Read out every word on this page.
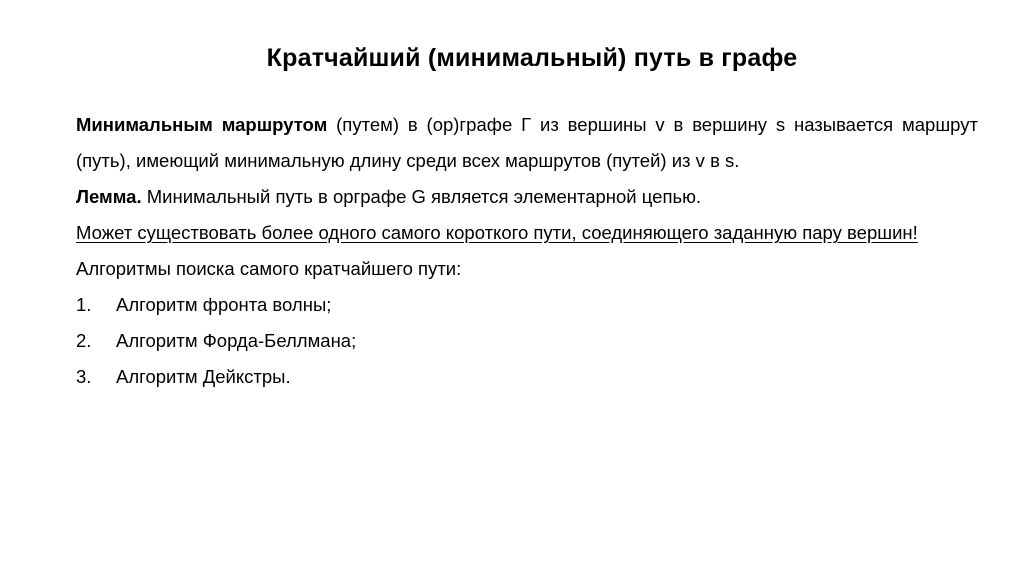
Кратчайший (минимальный) путь в графе

Минимальным маршрутом (путем) в (ор)графе Г из вершины v в вершину s называется маршрут (путь), имеющий минимальную длину среди всех маршрутов (путей) из v в s.

Лемма. Минимальный путь в орграфе G является элементарной цепью.

Может существовать более одного самого короткого пути, соединяющего заданную пару вершин!

Алгоритмы поиска самого кратчайшего пути:

1.	Алгоритм фронта волны;
2.	Алгоритм Форда-Беллмана;
3.	Алгоритм Дейкстры.
